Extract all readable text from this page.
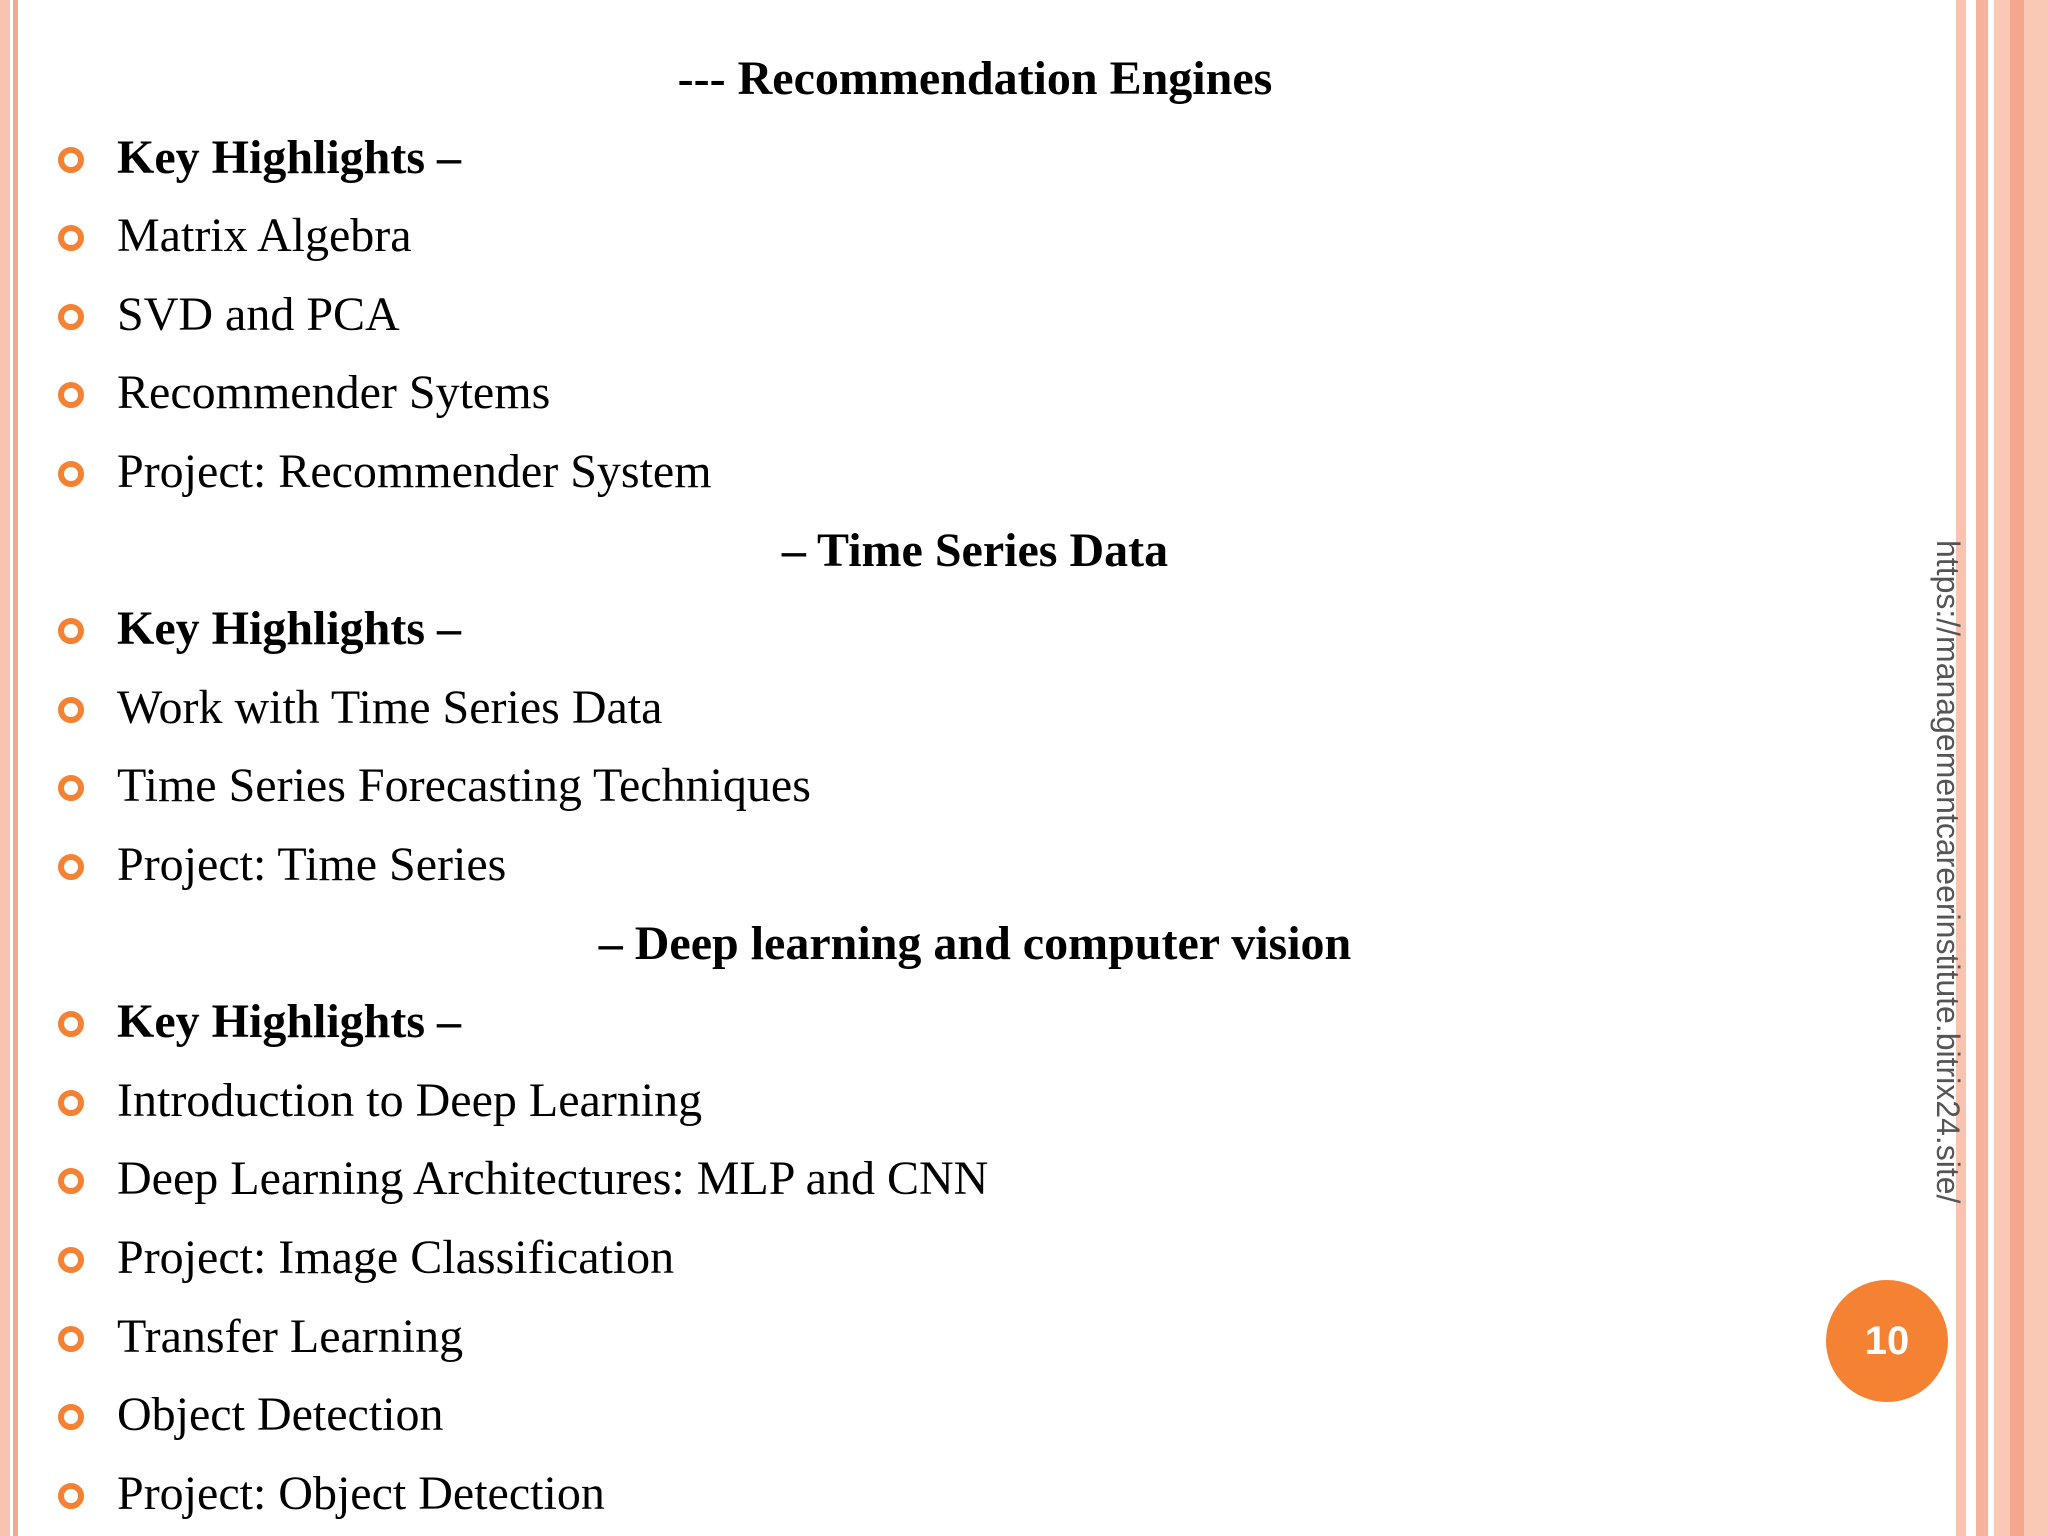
--- Recommendation Engines
Key Highlights –
Matrix Algebra
SVD and PCA
Recommender Sytems
Project: Recommender System
– Time Series Data
Key Highlights –
Work with Time Series Data
Time Series Forecasting Techniques
Project: Time Series
– Deep learning and computer vision
Key Highlights –
Introduction to Deep Learning
Deep Learning Architectures: MLP and CNN
Project: Image Classification
Transfer Learning
Object Detection
Project: Object Detection
https://managementcareerinstitute.bitrix24.site/
10
